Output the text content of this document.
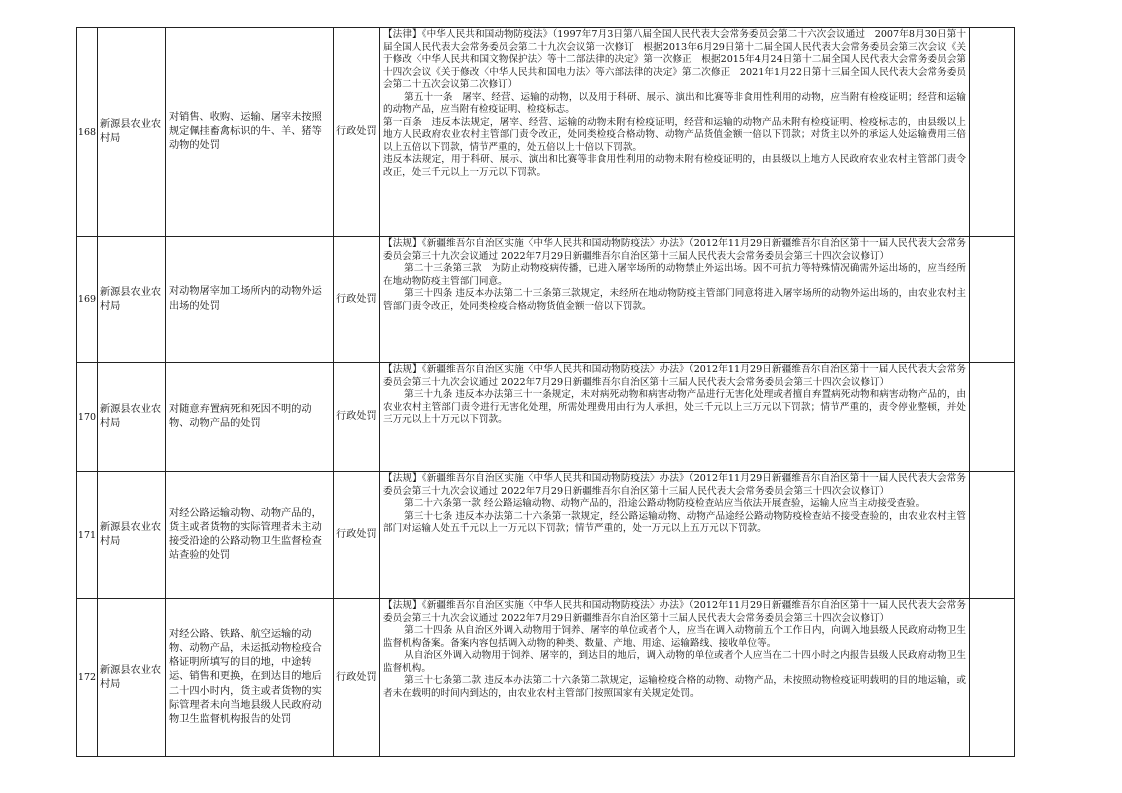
168	新源县农业农村局	对销售、收购、运输、屠宰未按照规定佩挂畜禽标识的牛、羊、猪等动物的处罚	行政处罚	【法律】《中华人民共和国动物防疫法》（1997年7月3日第八届全国人民代表大会常务委员会第二十六次会议通过　2007年8月30日第十届全国人民代表大会常务委员会第二十九次会议第一次修订　根据2013年6月29日第十二届全国人民代表大会常务委员会第三次会议《关于修改〈中华人民共和国文物保护法〉等十二部法律的决定》第一次修正　根据2015年4月24日第十二届全国人民代表大会常务委员会第十四次会议《关于修改〈中华人民共和国电力法〉等六部法律的决定》第二次修正　2021年1月22日第十三届全国人民代表大会常务委员会第二十五次会议第二次修订）

第五十一条　屠宰、经营、运输的动物，以及用于科研、展示、演出和比赛等非食用性利用的动物，应当附有检疫证明；经营和运输的动物产品，应当附有检疫证明、检疫标志。

第一百条　违反本法规定，屠宰、经营、运输的动物未附有检疫证明，经营和运输的动物产品未附有检疫证明、检疫标志的，由县级以上地方人民政府农业农村主管部门责令改正，处同类检疫合格动物、动物产品货值金额一倍以下罚款；对货主以外的承运人处运输费用三倍以上五倍以下罚款，情节严重的，处五倍以上十倍以下罚款。

违反本法规定，用于科研、展示、演出和比赛等非食用性利用的动物未附有检疫证明的，由县级以上地方人民政府农业农村主管部门责令改正，处三千元以上一万元以下罚款。	

169	新源县农业农村局	对动物屠宰加工场所内的动物外运出场的处罚	行政处罚	【法规】《新疆维吾尔自治区实施〈中华人民共和国动物防疫法〉办法》（2012年11月29日新疆维吾尔自治区第十一届人民代表大会常务委员会第三十九次会议通过 2022年7月29日新疆维吾尔自治区第十三届人民代表大会常务委员会第三十四次会议修订）

第二十三条第三款　为防止动物疫病传播，已进入屠宰场所的动物禁止外运出场。因不可抗力等特殊情况确需外运出场的，应当经所在地动物防疫主管部门同意。

第三十四条 违反本办法第二十三条第三款规定，未经所在地动物防疫主管部门同意将进入屠宰场所的动物外运出场的，由农业农村主管部门责令改正，处同类检疫合格动物货值金额一倍以下罚款。	

170	新源县农业农村局	对随意弃置病死和死因不明的动物、动物产品的处罚	行政处罚	【法规】《新疆维吾尔自治区实施〈中华人民共和国动物防疫法〉办法》（2012年11月29日新疆维吾尔自治区第十一届人民代表大会常务委员会第三十九次会议通过 2022年7月29日新疆维吾尔自治区第十三届人民代表大会常务委员会第三十四次会议修订）

第三十九条 违反本办法第三十一条规定，未对病死动物和病害动物产品进行无害化处理或者擅自弃置病死动物和病害动物产品的，由农业农村主管部门责令进行无害化处理，所需处理费用由行为人承担，处三千元以上三万元以下罚款；情节严重的，责令停业整顿，并处三万元以上十万元以下罚款。	

171	新源县农业农村局	对经公路运输动物、动物产品的，货主或者货物的实际管理者未主动接受沿途的公路动物卫生监督检查站查验的处罚	行政处罚	【法规】《新疆维吾尔自治区实施〈中华人民共和国动物防疫法〉办法》（2012年11月29日新疆维吾尔自治区第十一届人民代表大会常务委员会第三十九次会议通过 2022年7月29日新疆维吾尔自治区第十三届人民代表大会常务委员会第三十四次会议修订）

第二十六条第一款 经公路运输动物、动物产品的，沿途公路动物防疫检查站应当依法开展查验，运输人应当主动接受查验。

第三十七条 违反本办法第二十六条第一款规定，经公路运输动物、动物产品途经公路动物防疫检查站不接受查验的，由农业农村主管部门对运输人处五千元以上一万元以下罚款；情节严重的，处一万元以上五万元以下罚款。	

172	新源县农业农村局	对经公路、铁路、航空运输的动物、动物产品，未运抵动物检疫合格证明所填写的目的地，中途转运、销售和更换，在到达目的地后二十四小时内，货主或者货物的实际管理者未向当地县级人民政府动物卫生监督机构报告的处罚	行政处罚	【法规】《新疆维吾尔自治区实施〈中华人民共和国动物防疫法〉办法》（2012年11月29日新疆维吾尔自治区第十一届人民代表大会常务委员会第三十九次会议通过 2022年7月29日新疆维吾尔自治区第十三届人民代表大会常务委员会第三十四次会议修订）

第二十四条 从自治区外调入动物用于饲养、屠宰的单位或者个人，应当在调入动物前五个工作日内，向调入地县级人民政府动物卫生监督机构备案。备案内容包括调入动物的种类、数量、产地、用途、运输路线、接收单位等。

从自治区外调入动物用于饲养、屠宰的，到达目的地后，调入动物的单位或者个人应当在二十四小时之内报告县级人民政府动物卫生监督机构。

第三十七条第二款 违反本办法第二十六条第二款规定，运输检疫合格的动物、动物产品，未按照动物检疫证明载明的目的地运输，或者未在载明的时间内到达的，由农业农村主管部门按照国家有关规定处罚。	
